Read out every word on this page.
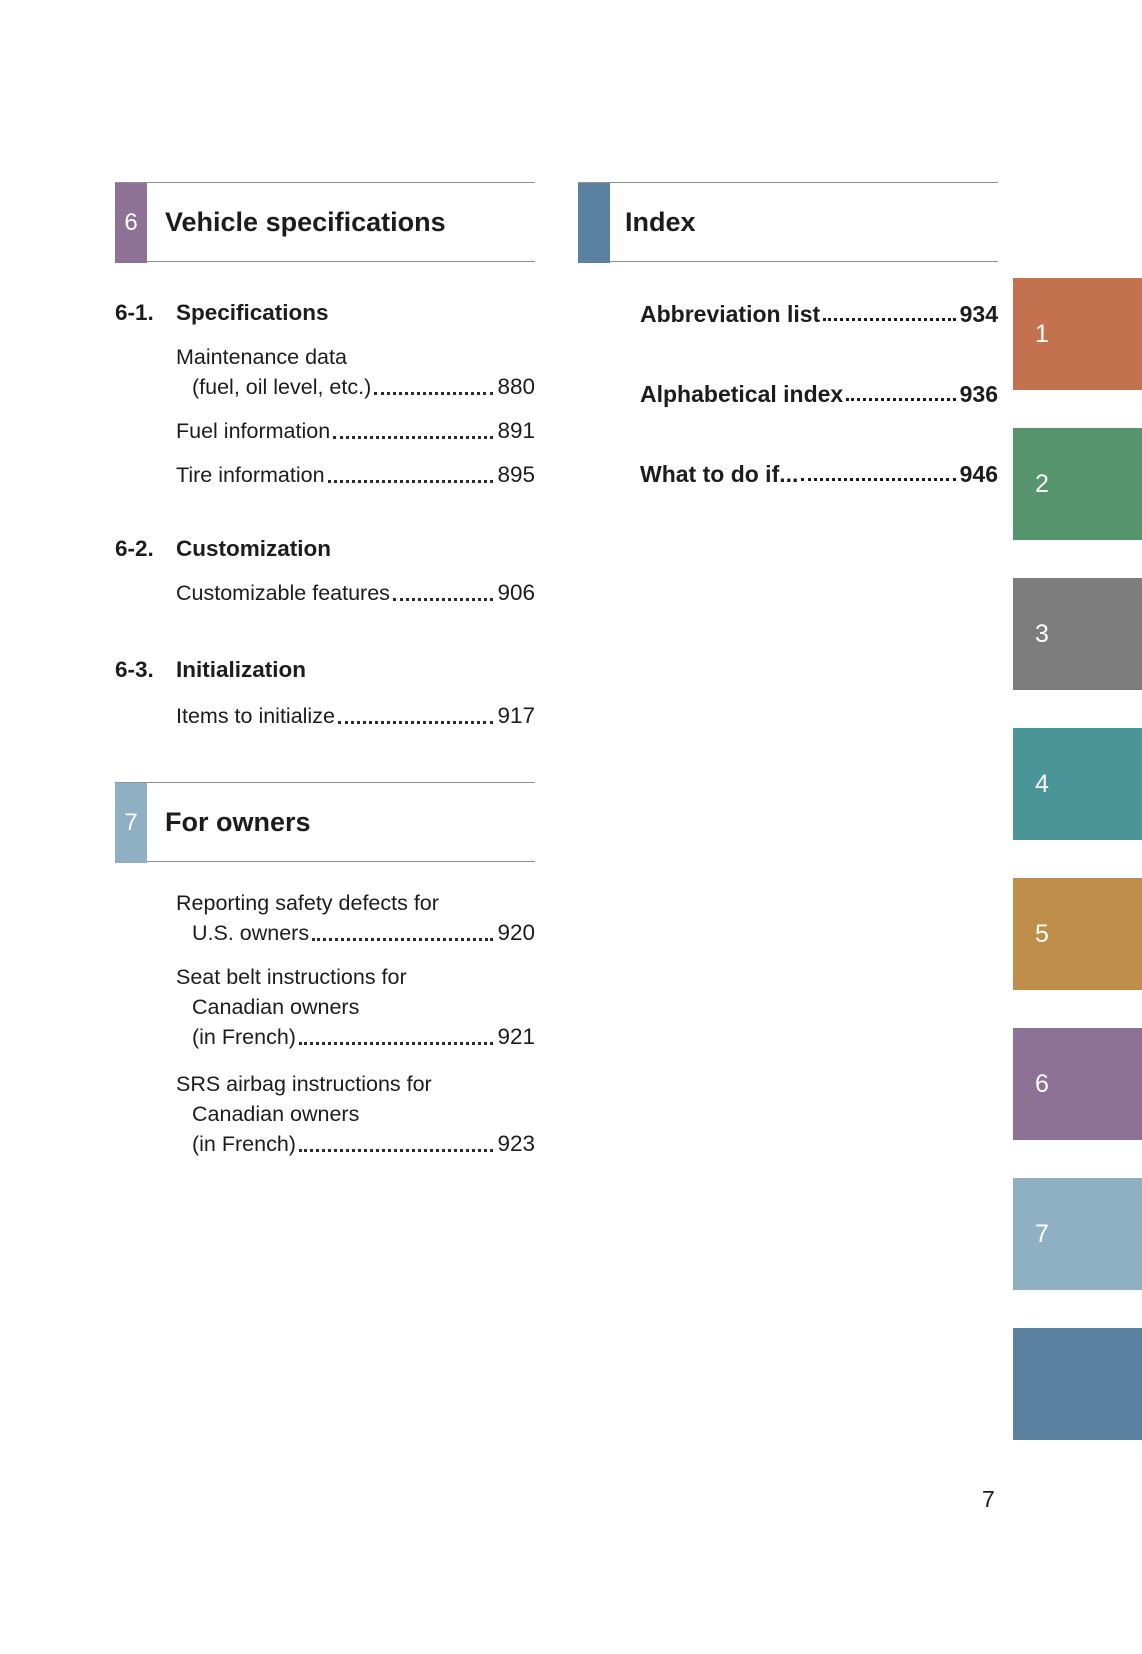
6	Vehicle specifications
6-1. Specifications
Maintenance data
(fuel, oil level, etc.)	880
Fuel information	891
Tire information	895
6-2. Customization
Customizable features	906
6-3. Initialization
Items to initialize	917
7	For owners
Reporting safety defects for
U.S. owners	920
Seat belt instructions for
Canadian owners
(in French)	921
SRS airbag instructions for
Canadian owners
(in French)	923
Index
Abbreviation list	934
Alphabetical index	936
What to do if...	946
1
2
3
4
5
6
7
7
